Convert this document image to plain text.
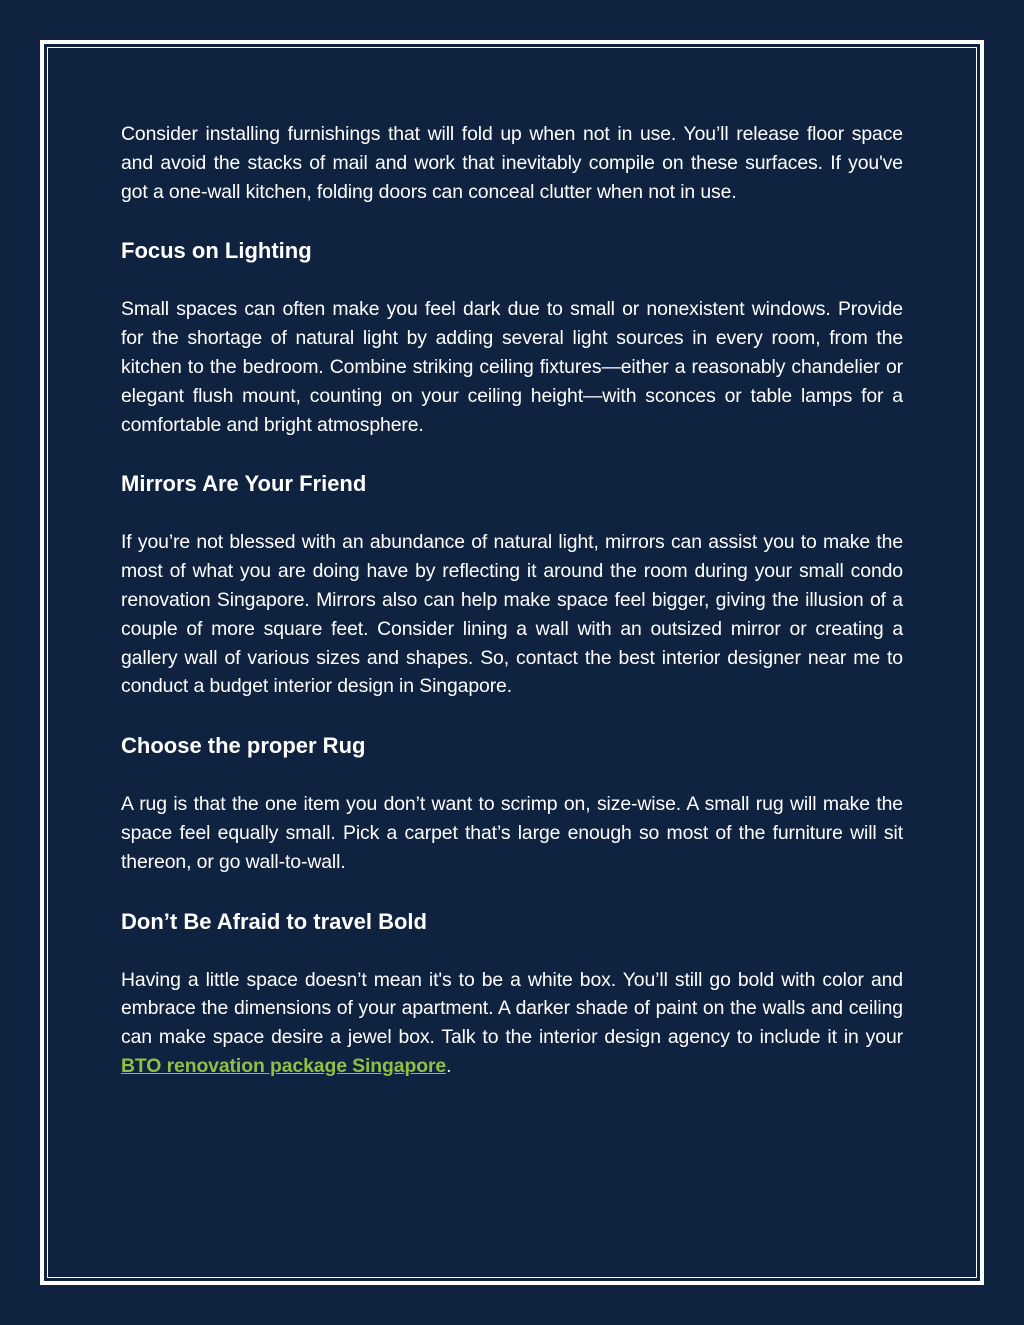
Consider installing furnishings that will fold up when not in use. You’ll release floor space and avoid the stacks of mail and work that inevitably compile on these surfaces. If you've got a one-wall kitchen, folding doors can conceal clutter when not in use.

Focus on Lighting

Small spaces can often make you feel dark due to small or nonexistent windows. Provide for the shortage of natural light by adding several light sources in every room, from the kitchen to the bedroom. Combine striking ceiling fixtures—either a reasonably chandelier or elegant flush mount, counting on your ceiling height—with sconces or table lamps for a comfortable and bright atmosphere.

Mirrors Are Your Friend

If you’re not blessed with an abundance of natural light, mirrors can assist you to make the most of what you are doing have by reflecting it around the room during your small condo renovation Singapore. Mirrors also can help make space feel bigger, giving the illusion of a couple of more square feet. Consider lining a wall with an outsized mirror or creating a gallery wall of various sizes and shapes. So, contact the best interior designer near me to conduct a budget interior design in Singapore.

Choose the proper Rug

A rug is that the one item you don’t want to scrimp on, size-wise. A small rug will make the space feel equally small. Pick a carpet that’s large enough so most of the furniture will sit thereon, or go wall-to-wall.

Don’t Be Afraid to travel Bold

Having a little space doesn’t mean it's to be a white box. You’ll still go bold with color and embrace the dimensions of your apartment. A darker shade of paint on the walls and ceiling can make space desire a jewel box. Talk to the interior design agency to include it in your BTO renovation package Singapore.
